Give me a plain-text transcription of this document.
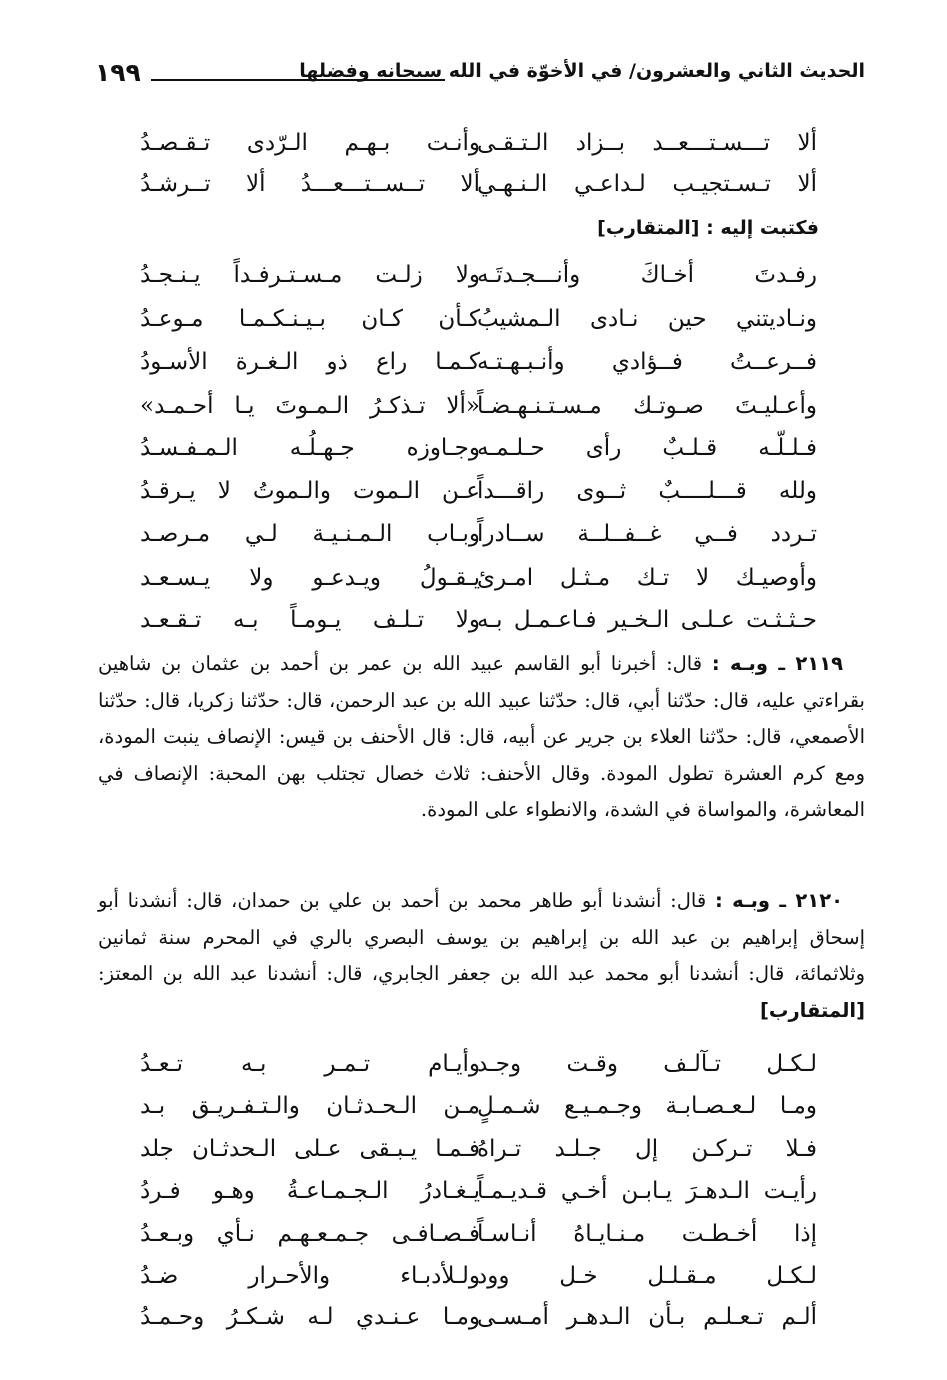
الحديث الثاني والعشرون/ في الأخوّة في الله سبحانه وفضلها
١٩٩
ألا تـــسـتـــعــد بــزاد الـتـقـى
وأنـت بـهـم الـرّدى تـقـصـدُ
ألا تـسـتجيـب لـداعـي الـنـهـي
ألا تــســتـــعـــدُ ألا تــرشـدُ
فكتبت إليه : [المتقارب]
رفـدتَ أخـاكَ وأنـــجـدتَـه
ولا زلـت مـسـتـرفـداً يـنـجـدُ
ونـاديتني حين نـادى الـمشيبُ
كـأن كـان بـيـنـكـمـا مـوعـدُ
فــرعــتُ فــؤادي وأنـبـهـتـه
كـمـا راع ذو الـغـرة الأسـودُ
وأعـليـتَ صـوتـك مـسـتـنـهـضـاً
«ألا تـذكـرُ الـمـوتَ يـا أحـمـد»
فـلـلّـه قـلـبٌ رأى حـلـمـه
وجـاوزه جـهـلُـه الـمـفـسـدُ
ولله قـــلــــبٌ ثــوى راقـــداً
عـن الـموت والـموتُ لا يـرقـدُ
تـردد فــي غــفــلــة ســادراً
وبـاب الـمـنـيـة لـي مـرصـد
وأوصيـك لا تـك مـثـل امـرئ
يـقـولُ ويـدعـو ولا يـسـعـد
حـثـثـت عـلـى الـخـير فـاعـمـل بـه
ولا تـلـف يـومـاً بـه تـقـعـد
٢١١٩ ـ وبـه : قال: أخبرنا أبو القاسم عبيد الله بن عمر بن أحمد بن عثمان بن شاهين بقراءتي عليه، قال: حدّثنا أبي، قال: حدّثنا عبيد الله بن عبد الرحمن، قال: حدّثنا زكريا، قال: حدّثنا الأصمعي، قال: حدّثنا العلاء بن جرير عن أبيه، قال: قال الأحنف بن قيس: الإنصاف ينبت المودة، ومع كرم العشرة تطول المودة. وقال الأحنف: ثلاث خصال تجتلب بهن المحبة: الإنصاف في المعاشرة، والمواساة في الشدة، والانطواء على المودة.
٢١٢٠ ـ وبـه : قال: أنشدنا أبو طاهر محمد بن أحمد بن علي بن حمدان، قال: أنشدنا أبو إسحاق إبراهيم بن عبد الله بن إبراهيم بن يوسف البصري بالري في المحرم سنة ثمانين وثلاثمائة، قال: أنشدنا أبو محمد عبد الله بن جعفر الجابري، قال: أنشدنا عبد الله بن المعتز: [المتقارب]
لـكـل تـآلـف وقـت وجـد
وأيـام تـمـر بـه تـعـدُ
ومـا لـعـصـابـة وجـمـيـع شـمـلٍ
مـن الـحـدثـان والـتـفـريـق بـد
فـلا تـركـن إل جـلـد تـراهُ
فـمـا يـبـقى عـلى الـحدثـان جلد
رأيـت الـدهـرَ يـابـن أخـي قـديـمـاً
يـغـادرُ الـجـمـاعـةُ وهـو فـردُ
إذا أخـطـت مـنـايـاهُ أنـاسـاً
فـصـافـى جـمـعـهـم نـأي وبـعـدُ
لـكـل مـقـلـل خـل وود
ولـلأدبـاء والأحـرار ضـدُ
ألـم تـعـلـم بـأن الـدهـر أمـسـى
ومـا عـنـدي لـه شـكـرُ وحـمـدُ
